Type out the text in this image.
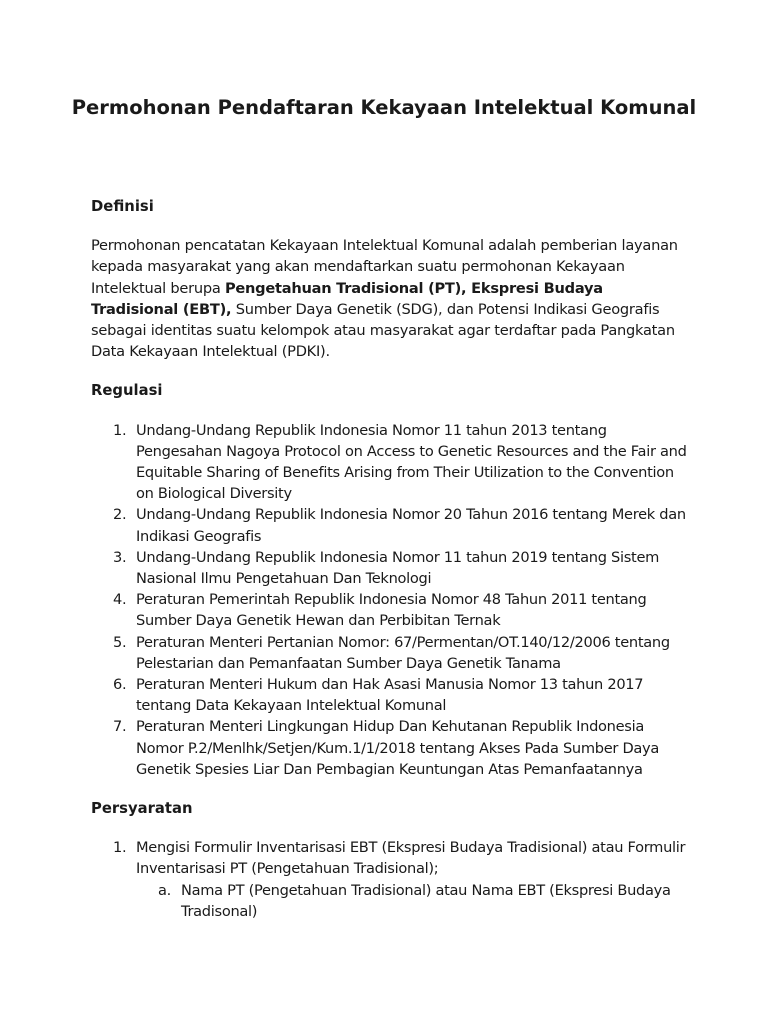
Permohonan Pendaftaran Kekayaan Intelektual Komunal

Definisi

Permohonan pencatatan Kekayaan Intelektual Komunal adalah pemberian layanan kepada masyarakat yang akan mendaftarkan suatu permohonan Kekayaan Intelektual berupa Pengetahuan Tradisional (PT), Ekspresi Budaya Tradisional (EBT), Sumber Daya Genetik (SDG), dan Potensi Indikasi Geografis sebagai identitas suatu kelompok atau masyarakat agar terdaftar pada Pangkatan Data Kekayaan Intelektual (PDKI).

Regulasi

1. Undang-Undang Republik Indonesia Nomor 11 tahun 2013 tentang Pengesahan Nagoya Protocol on Access to Genetic Resources and the Fair and Equitable Sharing of Benefits Arising from Their Utilization to the Convention on Biological Diversity
2. Undang-Undang Republik Indonesia Nomor 20 Tahun 2016 tentang Merek dan Indikasi Geografis
3. Undang-Undang Republik Indonesia Nomor 11 tahun 2019 tentang Sistem Nasional Ilmu Pengetahuan Dan Teknologi
4. Peraturan Pemerintah Republik Indonesia Nomor 48 Tahun 2011 tentang Sumber Daya Genetik Hewan dan Perbibitan Ternak
5. Peraturan Menteri Pertanian Nomor: 67/Permentan/OT.140/12/2006 tentang Pelestarian dan Pemanfaatan Sumber Daya Genetik Tanama
6. Peraturan Menteri Hukum dan Hak Asasi Manusia Nomor 13 tahun 2017 tentang Data Kekayaan Intelektual Komunal
7. Peraturan Menteri Lingkungan Hidup Dan Kehutanan Republik Indonesia Nomor P.2/Menlhk/Setjen/Kum.1/1/2018 tentang Akses Pada Sumber Daya Genetik Spesies Liar Dan Pembagian Keuntungan Atas Pemanfaatannya

Persyaratan

1. Mengisi Formulir Inventarisasi EBT (Ekspresi Budaya Tradisional) atau Formulir Inventarisasi PT (Pengetahuan Tradisional);
a. Nama PT (Pengetahuan Tradisional) atau Nama EBT (Ekspresi Budaya Tradisonal)
